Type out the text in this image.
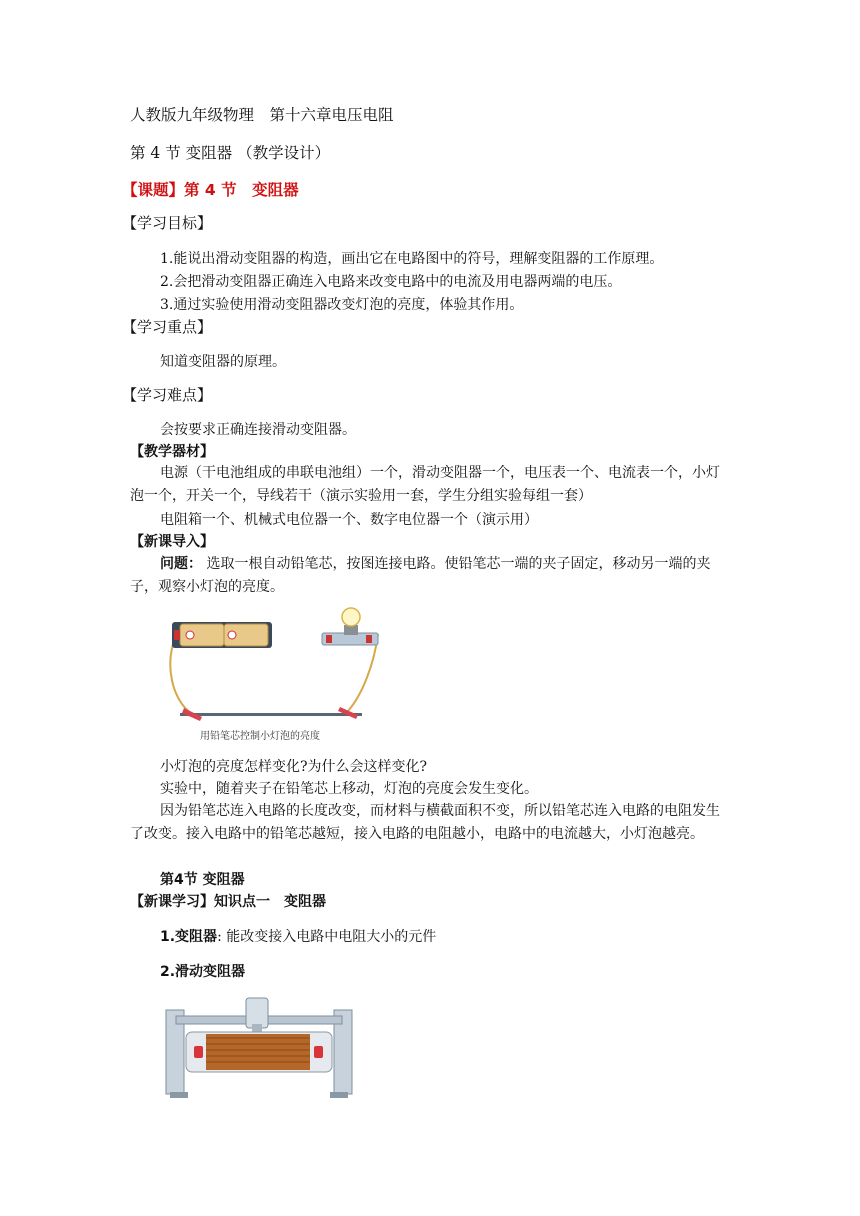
人教版九年级物理　第十六章电压电阻
第 4 节 变阻器 （教学设计）
【课题】第 4 节　变阻器
【学习目标】
1.能说出滑动变阻器的构造，画出它在电路图中的符号，理解变阻器的工作原理。
2.会把滑动变阻器正确连入电路来改变电路中的电流及用电器两端的电压。
3.通过实验使用滑动变阻器改变灯泡的亮度，体验其作用。
【学习重点】
知道变阻器的原理。
【学习难点】
会按要求正确连接滑动变阻器。
【教学器材】
电源（干电池组成的串联电池组）一个，滑动变阻器一个，电压表一个、电流表一个，小灯泡一个，开关一个，导线若干（演示实验用一套，学生分组实验每组一套）
电阻箱一个、机械式电位器一个、数字电位器一个（演示用）
【新课导入】
问题： 选取一根自动铅笔芯，按图连接电路。使铅笔芯一端的夹子固定，移动另一端的夹子，观察小灯泡的亮度。
用铅笔芯控制小灯泡的亮度
小灯泡的亮度怎样变化?为什么会这样变化?
实验中，随着夹子在铅笔芯上移动，灯泡的亮度会发生变化。
因为铅笔芯连入电路的长度改变，而材料与横截面积不变，所以铅笔芯连入电路的电阻发生了改变。接入电路中的铅笔芯越短，接入电路的电阻越小，电路中的电流越大，小灯泡越亮。
第4节 变阻器
【新课学习】知识点一　变阻器
1.变阻器: 能改变接入电路中电阻大小的元件
2.滑动变阻器
